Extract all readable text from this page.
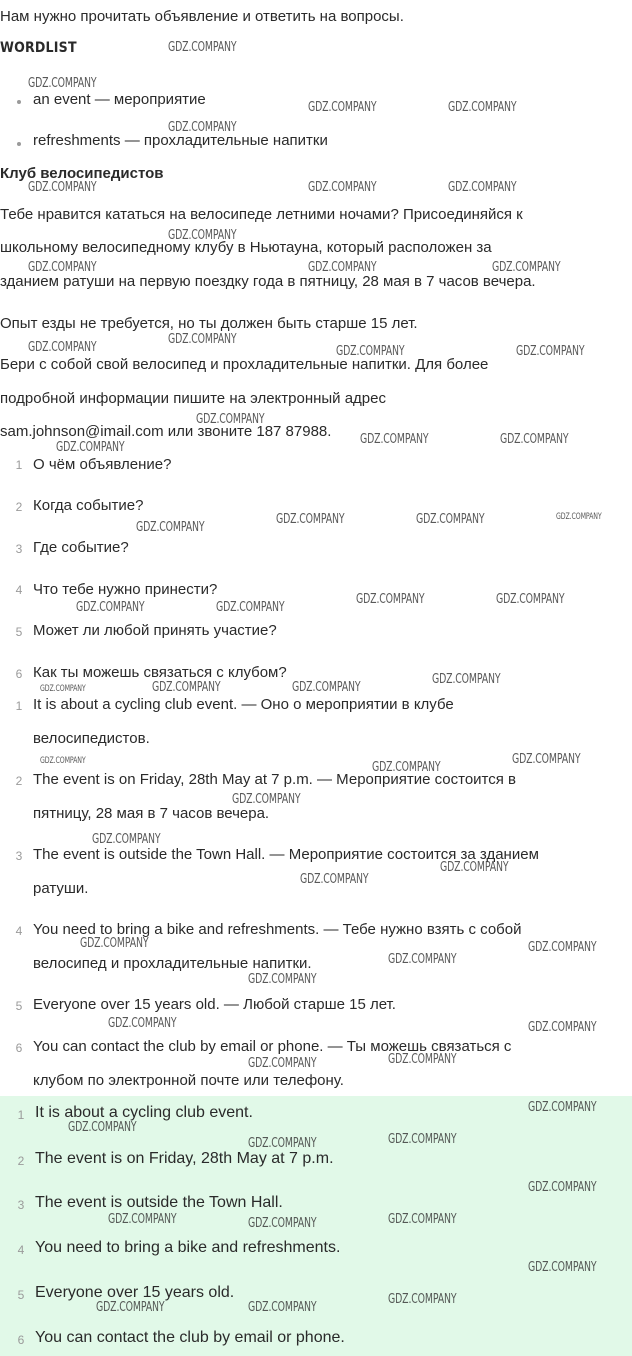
Нам нужно прочитать объявление и ответить на вопросы.
WORDLIST
an event — мероприятие
refreshments — прохладительные напитки
Клуб велосипедистов
Тебе нравится кататься на велосипеде летними ночами? Присоединяйся к
школьному велосипедному клубу в Ньютауна, который расположен за
зданием ратуши на первую поездку года в пятницу, 28 мая в 7 часов вечера.
Опыт езды не требуется, но ты должен быть старше 15 лет.
Бери с собой свой велосипед и прохладительные напитки. Для более
подробной информации пишите на электронный адрес
sam.johnson@imail.com или звоните 187 87988.
1 О чём объявление?
2 Когда событие?
3 Где событие?
4 Что тебе нужно принести?
5 Может ли любой принять участие?
6 Как ты можешь связаться с клубом?
1 It is about a cycling club event. — Оно о мероприятии в клубе
велосипедистов.
2 The event is on Friday, 28th May at 7 p.m. — Мероприятие состоится в
пятницу, 28 мая в 7 часов вечера.
3 The event is outside the Town Hall. — Мероприятие состоится за зданием
ратуши.
4 You need to bring a bike and refreshments. — Тебе нужно взять с собой
велосипед и прохладительные напитки.
5 Everyone over 15 years old. — Любой старше 15 лет.
6 You can contact the club by email or phone. — Ты можешь связаться с
клубом по электронной почте или телефону.
1 It is about a cycling club event.
2 The event is on Friday, 28th May at 7 p.m.
3 The event is outside the Town Hall.
4 You need to bring a bike and refreshments.
5 Everyone over 15 years old.
6 You can contact the club by email or phone.
GDZ.COMPANY
GDZ.COMPANY
GDZ.COMPANY	GDZ.COMPANY
GDZ.COMPANY
GDZ.COMPANY	GDZ.COMPANY	GDZ.COMPANY
GDZ.COMPANY
GDZ.COMPANY	GDZ.COMPANY	GDZ.COMPANY
GDZ.COMPANY
GDZ.COMPANY
GDZ.COMPANY	GDZ.COMPANY
GDZ.COMPANY
GDZ.COMPANY
GDZ.COMPANY	GDZ.COMPANY
GDZ.COMPANY	GDZ.COMPANY
GDZ.COMPANY
GDZ.COMPANY	GDZ.COMPANY
GDZ.COMPANY	GDZ.COMPANY
GDZ.COMPANY
GDZ.COMPANY	GDZ.COMPANY
GDZ.COMPANY
GDZ.COMPANY
GDZ.COMPANY
GDZ.COMPANY
GDZ.COMPANY
GDZ.COMPANY
GDZ.COMPANY	GDZ.COMPANY
GDZ.COMPANY
GDZ.COMPANY
GDZ.COMPANY	GDZ.COMPANY
GDZ.COMPANY
GDZ.COMPANY
GDZ.COMPANY
GDZ.COMPANY
GDZ.COMPANY	GDZ.COMPANY
GDZ.COMPANY
GDZ.COMPANY	GDZ.COMPANY	GDZ.COMPANY
GDZ.COMPANY
GDZ.COMPANY	GDZ.COMPANY
GDZ.COMPANY
GDZ.COMPANY
GDZ.COMPANY
GDZ.COMPANY
